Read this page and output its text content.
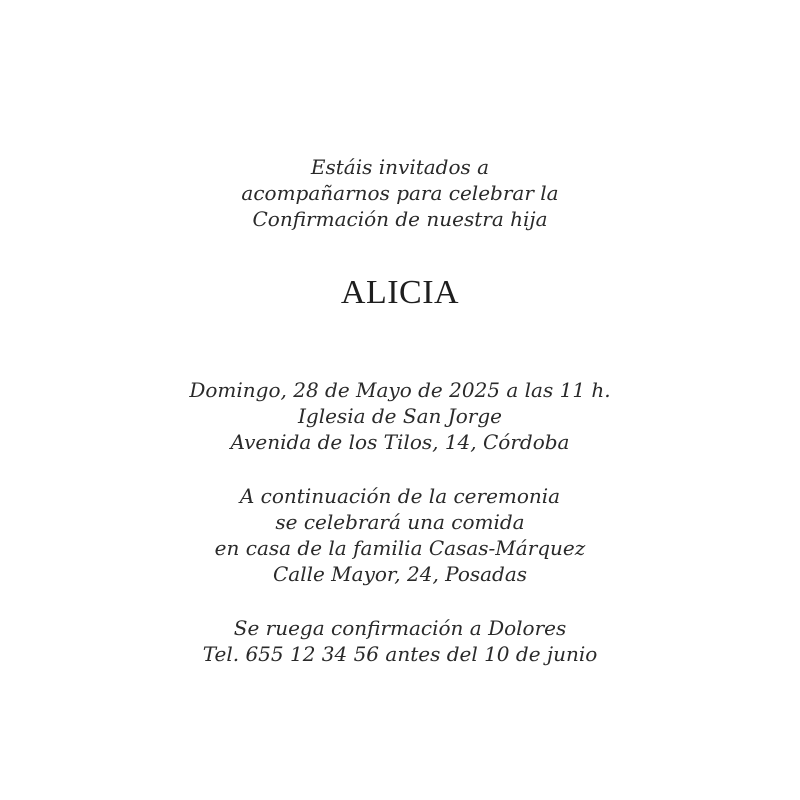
Estáis invitados a
acompañarnos para celebrar la
Confirmación de nuestra hija
ALICIA
Domingo, 28 de Mayo de 2025 a las 11 h.
Iglesia de San Jorge
Avenida de los Tilos, 14, Córdoba
A continuación de la ceremonia
se celebrará una comida
en casa de la familia Casas-Márquez
Calle Mayor, 24, Posadas
Se ruega confirmación a Dolores
Tel. 655 12 34 56 antes del 10 de junio
